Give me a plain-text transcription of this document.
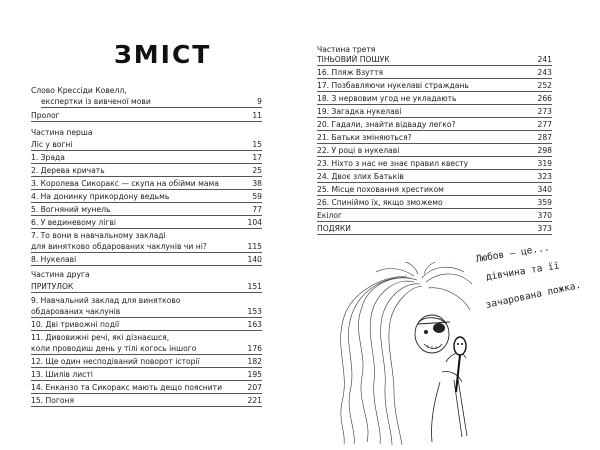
ЗМІСТ
Слово Крессіди Ковелл,
експертки із вивченої мови	9
Пролог	11
Частина перша
Ліс у вогні	15
1. Зрада	17
2. Дерева кричать	25
3. Королева Сикоракс — скупа на обійми мама	38
4. На донинку прикордону ведьмь	59
5. Вогняний мунель	77
6. У вединевому лігві	104
7. То вони в навчальному закладі
для винятково обдарованих чаклунів чи ні?	115
8. Нукелаві	140
Частина друга
ПРИТУЛОК	151
9. Навчальний заклад для винятково
обдарованих чаклунів	153
10. Дві тривожні події	163
11. Дивовижні речі, які дізнаєшся,
коли проводиш день у тілі когось іншого	176
12. Ще один несподіваний поворот історії	182
13. Шилів листі	195
14. Енканзо та Сикоракс мають дещо пояснити	207
15. Погоня	221
Частина третя
ТІНЬОВИЙ ПОШУК	241
16. Пляж Взуття	243
17. Позбавляючи нукелаві страждань	252
18. З нервовим угод не укладають	266
19. Загадка нукелаві	273
20. Гадали, знайти відваду легко?	277
21. Батьки зміняються?	287
22. У році в нукелаві	298
23. Ніхто з нас не знає правил квесту	319
24. Двоє злих Батьків	323
25. Місце поховання хрестиком	340
26. Спиніймо їх, якщо зможемо	359
Екілог	370
ПОДЯКИ	373
Любов — це...
дівчина та її
зачарована ложка.
